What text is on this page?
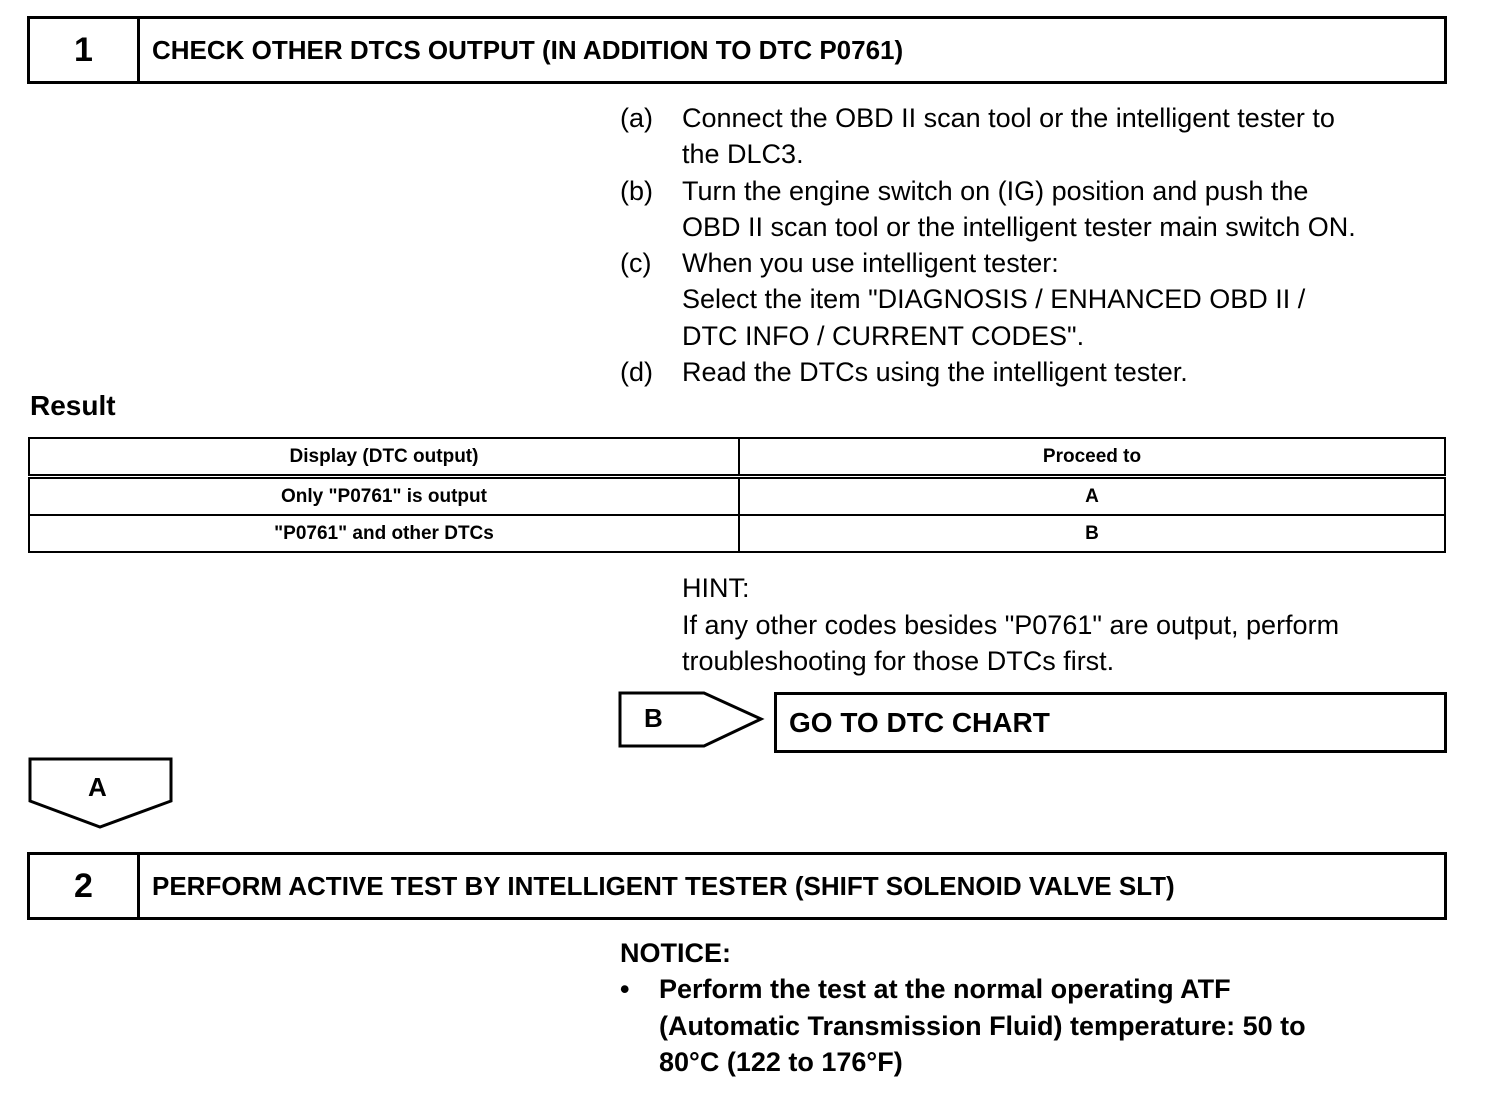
1	CHECK OTHER DTCS OUTPUT (IN ADDITION TO DTC P0761)
(a)	Connect the OBD II scan tool or the intelligent tester to
the DLC3.
(b)	Turn the engine switch on (IG) position and push the
OBD II scan tool or the intelligent tester main switch ON.
(c)	When you use intelligent tester:
Select the item "DIAGNOSIS / ENHANCED OBD II /
DTC INFO / CURRENT CODES".
(d)	Read the DTCs using the intelligent tester.
Result
Display (DTC output)	Proceed to
Only "P0761" is output	A
"P0761" and other DTCs	B
HINT:
If any other codes besides "P0761" are output, perform
troubleshooting for those DTCs first.
B	GO TO DTC CHART
A
2	PERFORM ACTIVE TEST BY INTELLIGENT TESTER (SHIFT SOLENOID VALVE SLT)
NOTICE:
•	Perform the test at the normal operating ATF
(Automatic Transmission Fluid) temperature: 50 to
80°C (122 to 176°F)
